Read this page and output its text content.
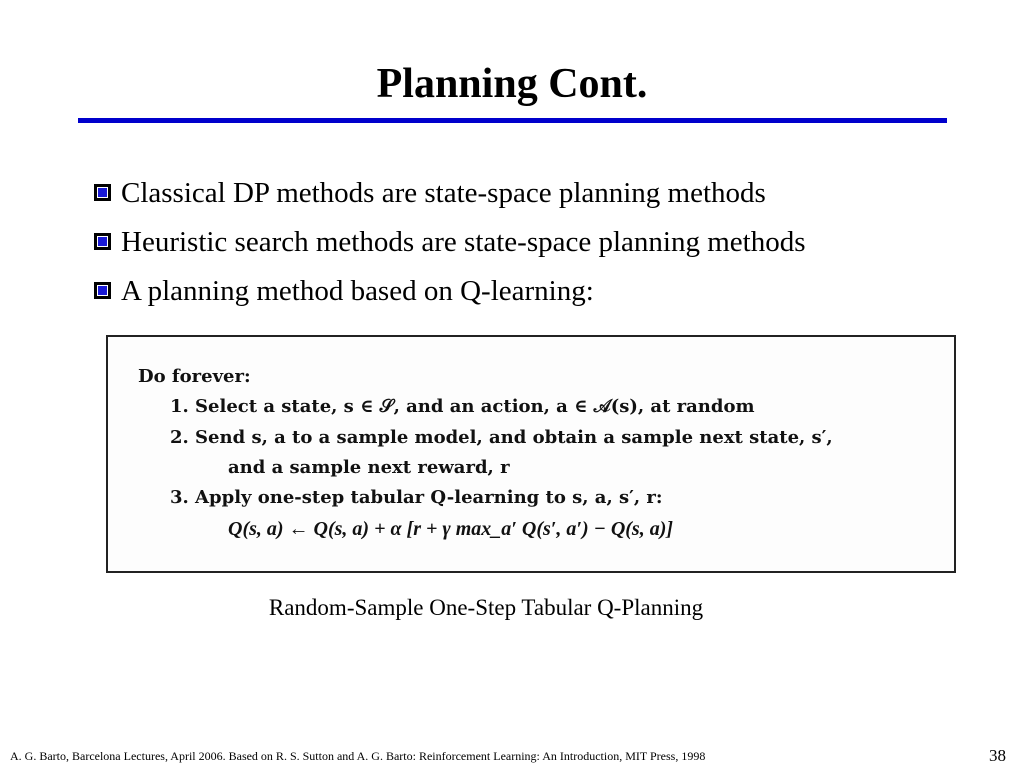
Planning Cont.
Classical DP methods are state-space planning methods
Heuristic search methods are state-space planning methods
A planning method based on Q-learning:
Do forever:
1. Select a state, s ∈ 𝒮, and an action, a ∈ 𝒜(s), at random
2. Send s, a to a sample model, and obtain a sample next state, s′,
and a sample next reward, r
3. Apply one-step tabular Q-learning to s, a, s′, r:
Q(s, a) ← Q(s, a) + α [r + γ max_a′ Q(s′, a′) − Q(s, a)]
Random-Sample One-Step Tabular Q-Planning
A. G. Barto, Barcelona Lectures, April 2006. Based on R. S. Sutton and A. G. Barto: Reinforcement Learning: An Introduction, MIT Press, 1998	38
